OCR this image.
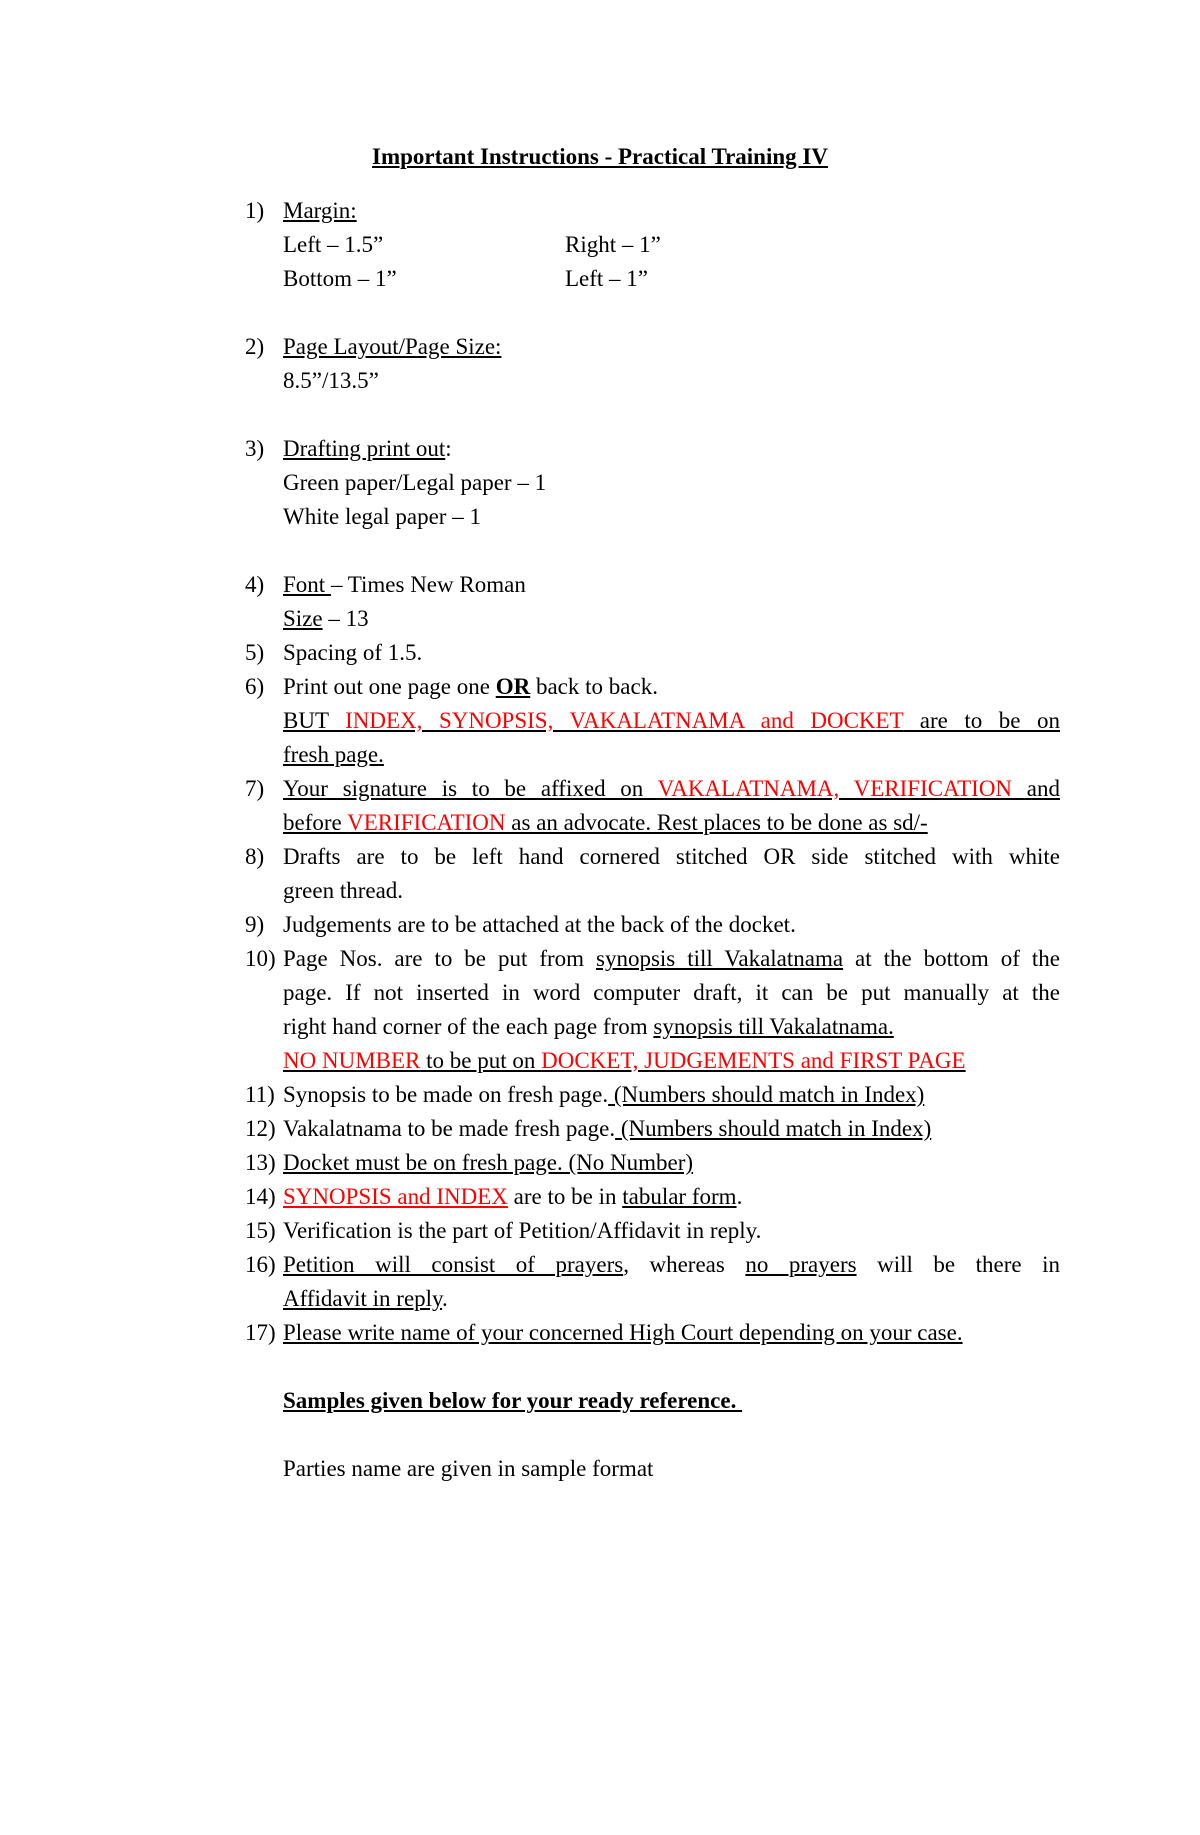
Important Instructions - Practical Training IV

1) Margin:
Left – 1.5”	Right – 1”
Bottom – 1”	Left – 1”
2) Page Layout/Page Size:
8.5”/13.5”
3) Drafting print out:
Green paper/Legal paper – 1
White legal paper – 1
4) Font – Times New Roman
Size – 13
5) Spacing of 1.5.
6) Print out one page one OR back to back.
BUT INDEX, SYNOPSIS, VAKALATNAMA and DOCKET are to be on
fresh page.
7) Your signature is to be affixed on VAKALATNAMA, VERIFICATION and
before VERIFICATION as an advocate. Rest places to be done as sd/-
8) Drafts are to be left hand cornered stitched OR side stitched with white
green thread.
9) Judgements are to be attached at the back of the docket.
10) Page Nos. are to be put from synopsis till Vakalatnama at the bottom of the
page. If not inserted in word computer draft, it can be put manually at the
right hand corner of the each page from synopsis till Vakalatnama.
NO NUMBER to be put on DOCKET, JUDGEMENTS and FIRST PAGE
11) Synopsis to be made on fresh page. (Numbers should match in Index)
12) Vakalatnama to be made fresh page. (Numbers should match in Index)
13) Docket must be on fresh page. (No Number)
14) SYNOPSIS and INDEX are to be in tabular form.
15) Verification is the part of Petition/Affidavit in reply.
16) Petition will consist of prayers, whereas no prayers will be there in
Affidavit in reply.
17) Please write name of your concerned High Court depending on your case.
Samples given below for your ready reference.
Parties name are given in sample format
